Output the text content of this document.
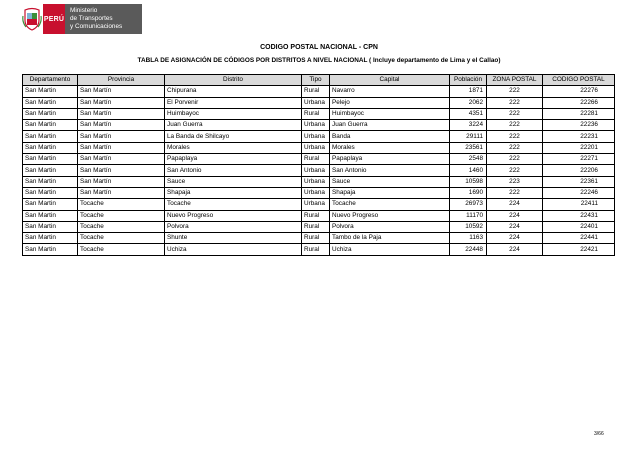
PERÚ
Ministerio
de Transportes
y Comunicaciones
CODIGO POSTAL NACIONAL - CPN
TABLA DE ASIGNACIÓN DE CÓDIGOS POR DISTRITOS A NIVEL NACIONAL ( Incluye departamento de Lima y el Callao)
Departamento	Provincia	Distrito	Tipo	Capital	Población	ZONA POSTAL	CODIGO POSTAL
San Martin	San Martín	Chipurana	Rural	Navarro	1871	222	22276
San Martin	San Martín	El Porvenir	Urbana	Pelejo	2062	222	22266
San Martin	San Martín	Huimbayoc	Rural	Huimbayoc	4351	222	22281
San Martin	San Martín	Juan Guerra	Urbana	Juan Guerra	3224	222	22236
San Martin	San Martín	La Banda de Shilcayo	Urbana	Banda	29111	222	22231
San Martin	San Martín	Morales	Urbana	Morales	23561	222	22201
San Martin	San Martín	Papaplaya	Rural	Papaplaya	2548	222	22271
San Martin	San Martín	San Antonio	Urbana	San Antonio	1460	222	22206
San Martin	San Martín	Sauce	Urbana	Sauce	10598	223	22361
San Martin	San Martín	Shapaja	Urbana	Shapaja	1690	222	22246
San Martin	Tocache	Tocache	Urbana	Tocache	26973	224	22411
San Martin	Tocache	Nuevo Progreso	Rural	Nuevo Progreso	11170	224	22431
San Martin	Tocache	Polvora	Rural	Polvora	10592	224	22401
San Martin	Tocache	Shunte	Rural	Tambo de la Paja	1163	224	22441
San Martin	Tocache	Uchiza	Rural	Uchiza	22448	224	22421
3/66
